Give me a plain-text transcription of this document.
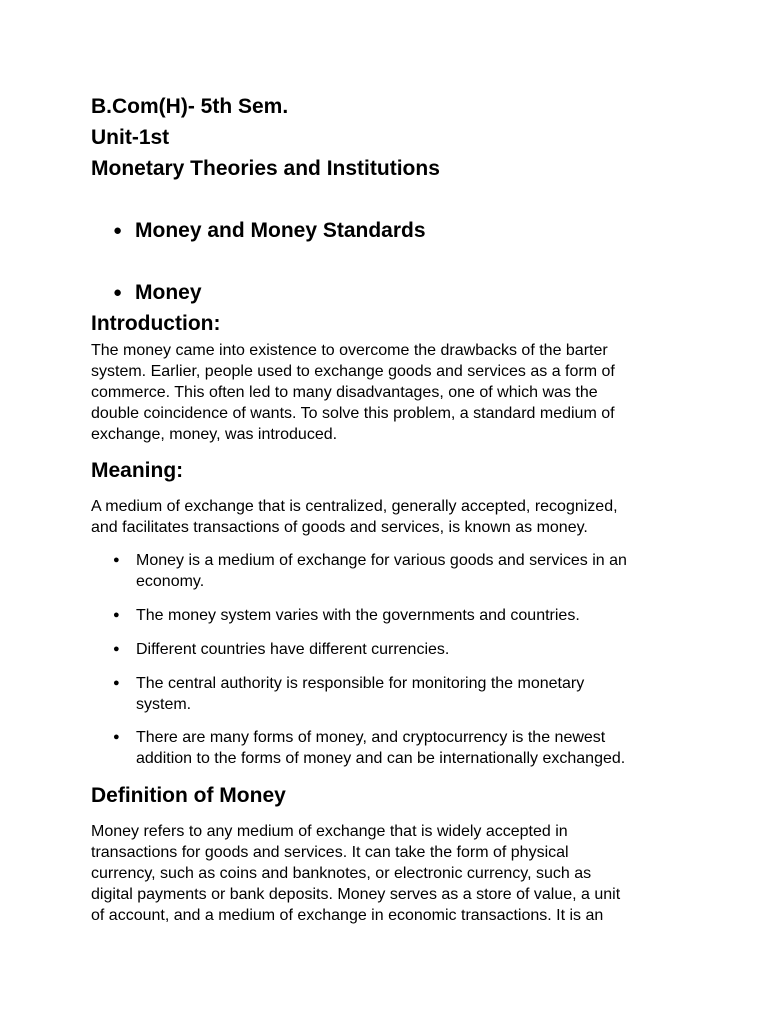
B.Com(H)- 5th Sem.
Unit-1st
Monetary Theories and Institutions
● Money and Money Standards
● Money
Introduction:
The money came into existence to overcome the drawbacks of the barter
system. Earlier, people used to exchange goods and services as a form of
commerce. This often led to many disadvantages, one of which was the
double coincidence of wants. To solve this problem, a standard medium of
exchange, money, was introduced.
Meaning:
A medium of exchange that is centralized, generally accepted, recognized,
and facilitates transactions of goods and services, is known as money.
● Money is a medium of exchange for various goods and services in an
economy.
● The money system varies with the governments and countries.
● Different countries have different currencies.
● The central authority is responsible for monitoring the monetary
system.
● There are many forms of money, and cryptocurrency is the newest
addition to the forms of money and can be internationally exchanged.
Definition of Money
Money refers to any medium of exchange that is widely accepted in
transactions for goods and services. It can take the form of physical
currency, such as coins and banknotes, or electronic currency, such as
digital payments or bank deposits. Money serves as a store of value, a unit
of account, and a medium of exchange in economic transactions. It is an
